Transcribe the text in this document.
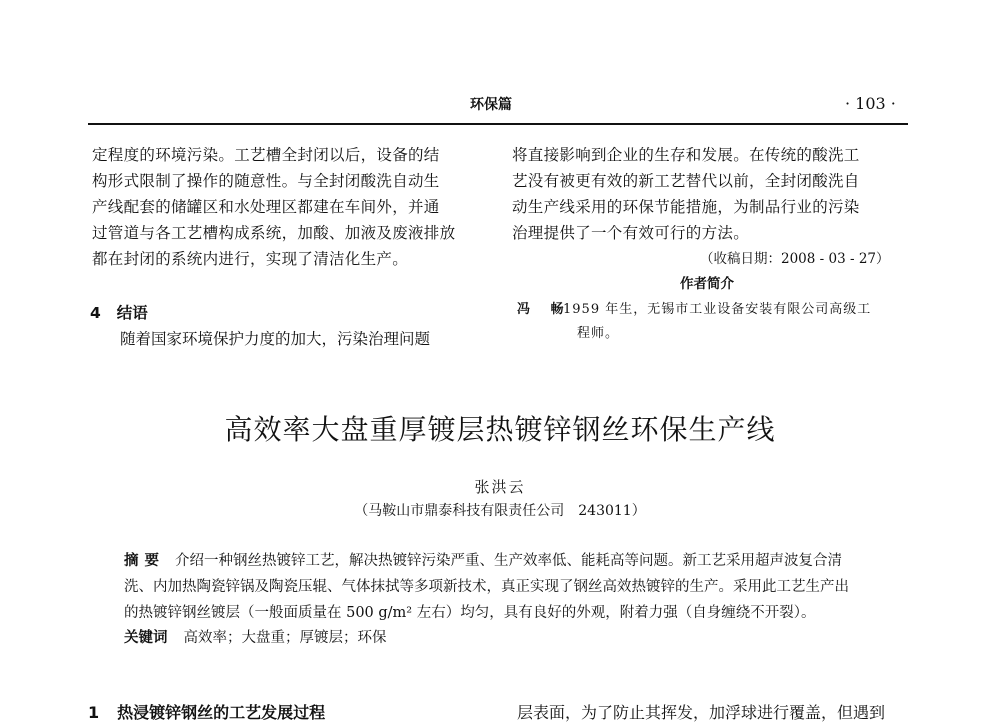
环保篇	· 103 ·
定程度的环境污染。工艺槽全封闭以后，设备的结
构形式限制了操作的随意性。与全封闭酸洗自动生
产线配套的储罐区和水处理区都建在车间外，并通
过管道与各工艺槽构成系统，加酸、加液及废液排放
都在封闭的系统内进行，实现了清洁化生产。
4 结语
随着国家环境保护力度的加大，污染治理问题
将直接影响到企业的生存和发展。在传统的酸洗工
艺没有被更有效的新工艺替代以前，全封闭酸洗自
动生产线采用的环保节能措施，为制品行业的污染
治理提供了一个有效可行的方法。
（收稿日期：2008 - 03 - 27）
作者简介
冯 畅
1959 年生，无锡市工业设备安装有限公司高级工
程师。
高效率大盘重厚镀层热镀锌钢丝环保生产线
张洪云
（马鞍山市鼎泰科技有限责任公司　243011）
摘要 介绍一种钢丝热镀锌工艺，解决热镀锌污染严重、生产效率低、能耗高等问题。新工艺采用超声波复合清
洗、内加热陶瓷锌锅及陶瓷压辊、气体抹拭等多项新技术，真正实现了钢丝高效热镀锌的生产。采用此工艺生产出
的热镀锌钢丝镀层（一般面质量在 500 g/m² 左右）均匀，具有良好的外观，附着力强（自身缠绕不开裂）。
关键词 高效率；大盘重；厚镀层；环保
1 热浸镀锌钢丝的工艺发展过程	层表面，为了防止其挥发，加浮球进行覆盖，但遇到
